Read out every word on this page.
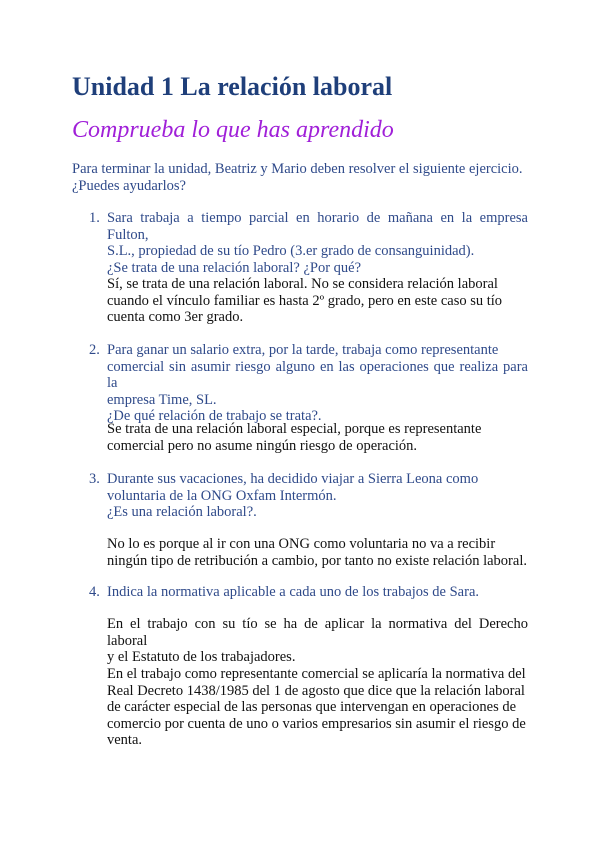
Unidad 1 La relación laboral
Comprueba lo que has aprendido
Para terminar la unidad, Beatriz y Mario deben resolver el siguiente ejercicio.
¿Puedes ayudarlos?
1. Sara trabaja a tiempo parcial en horario de mañana en la empresa Fulton,
S.L., propiedad de su tío Pedro (3.er grado de consanguinidad).
¿Se trata de una relación laboral? ¿Por qué?
Sí, se trata de una relación laboral. No se considera relación laboral
cuando el vínculo familiar es hasta 2º grado, pero en este caso su tío
cuenta como 3er grado.
2. Para ganar un salario extra, por la tarde, trabaja como representante
comercial sin asumir riesgo alguno en las operaciones que realiza para la
empresa Time, SL.
¿De qué relación de trabajo se trata?.
Se trata de una relación laboral especial, porque es representante
comercial pero no asume ningún riesgo de operación.
3. Durante sus vacaciones, ha decidido viajar a Sierra Leona como
voluntaria de la ONG Oxfam Intermón.
¿Es una relación laboral?.
No lo es porque al ir con una ONG como voluntaria no va a recibir
ningún tipo de retribución a cambio, por tanto no existe relación laboral.
4. Indica la normativa aplicable a cada uno de los trabajos de Sara.
En el trabajo con su tío se ha de aplicar la normativa del Derecho laboral
y el Estatuto de los trabajadores.
En el trabajo como representante comercial se aplicaría la normativa del
Real Decreto 1438/1985 del 1 de agosto que dice que la relación laboral
de carácter especial de las personas que intervengan en operaciones de
comercio por cuenta de uno o varios empresarios sin asumir el riesgo de
venta.
